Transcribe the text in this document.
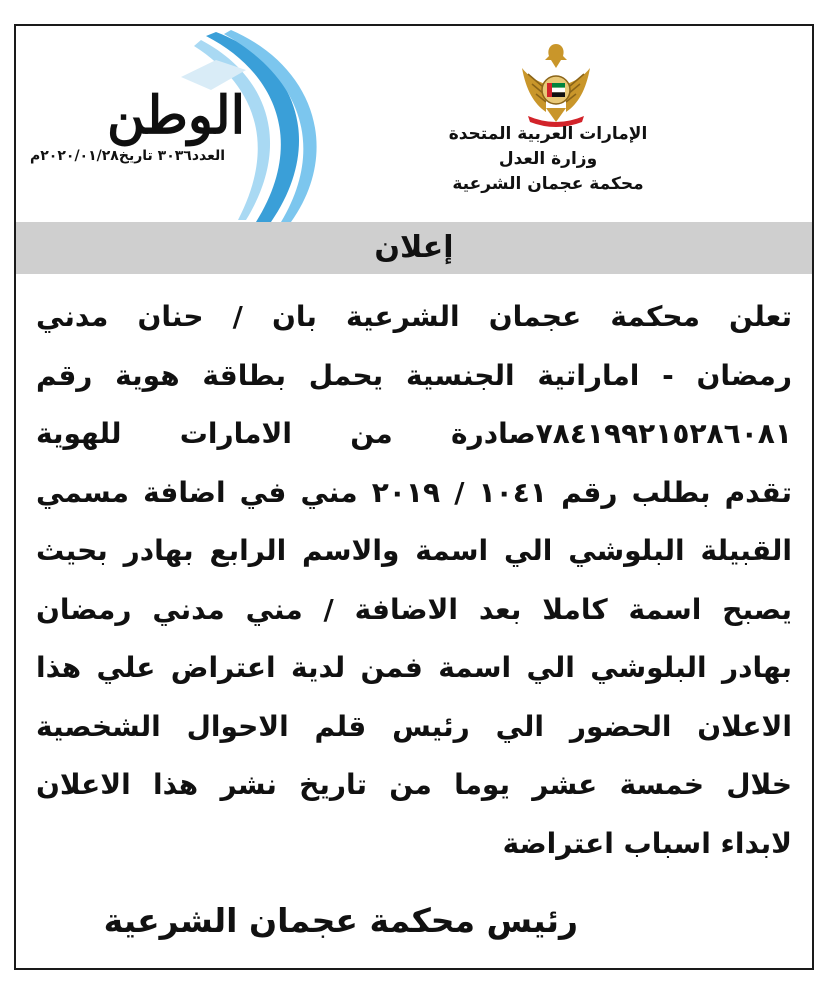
الوطن
العدد٣٠٣٦ تاريخ٢٠٢٠/٠١/٢٨م
الإمارات العربية المتحدة
وزارة العدل
محكمة عجمان الشرعية
إعلان
تعلن محكمة عجمان الشرعية بان / حنان مدني
رمضان - اماراتية الجنسية يحمل بطاقة هوية رقم
٧٨٤١٩٩٢١٥٢٨٦٠٨١صادرة من الامارات للهوية
تقدم بطلب رقم ١٠٤١ / ٢٠١٩ مني في اضافة مسمي
القبيلة البلوشي الي اسمة والاسم الرابع بهادر بحيث
يصبح اسمة كاملا بعد الاضافة / مني مدني رمضان
بهادر البلوشي الي اسمة فمن لدية اعتراض علي هذا
الاعلان الحضور الي رئيس قلم الاحوال الشخصية
خلال خمسة عشر يوما من تاريخ نشر هذا الاعلان
لابداء اسباب اعتراضة
رئيس محكمة عجمان الشرعية
